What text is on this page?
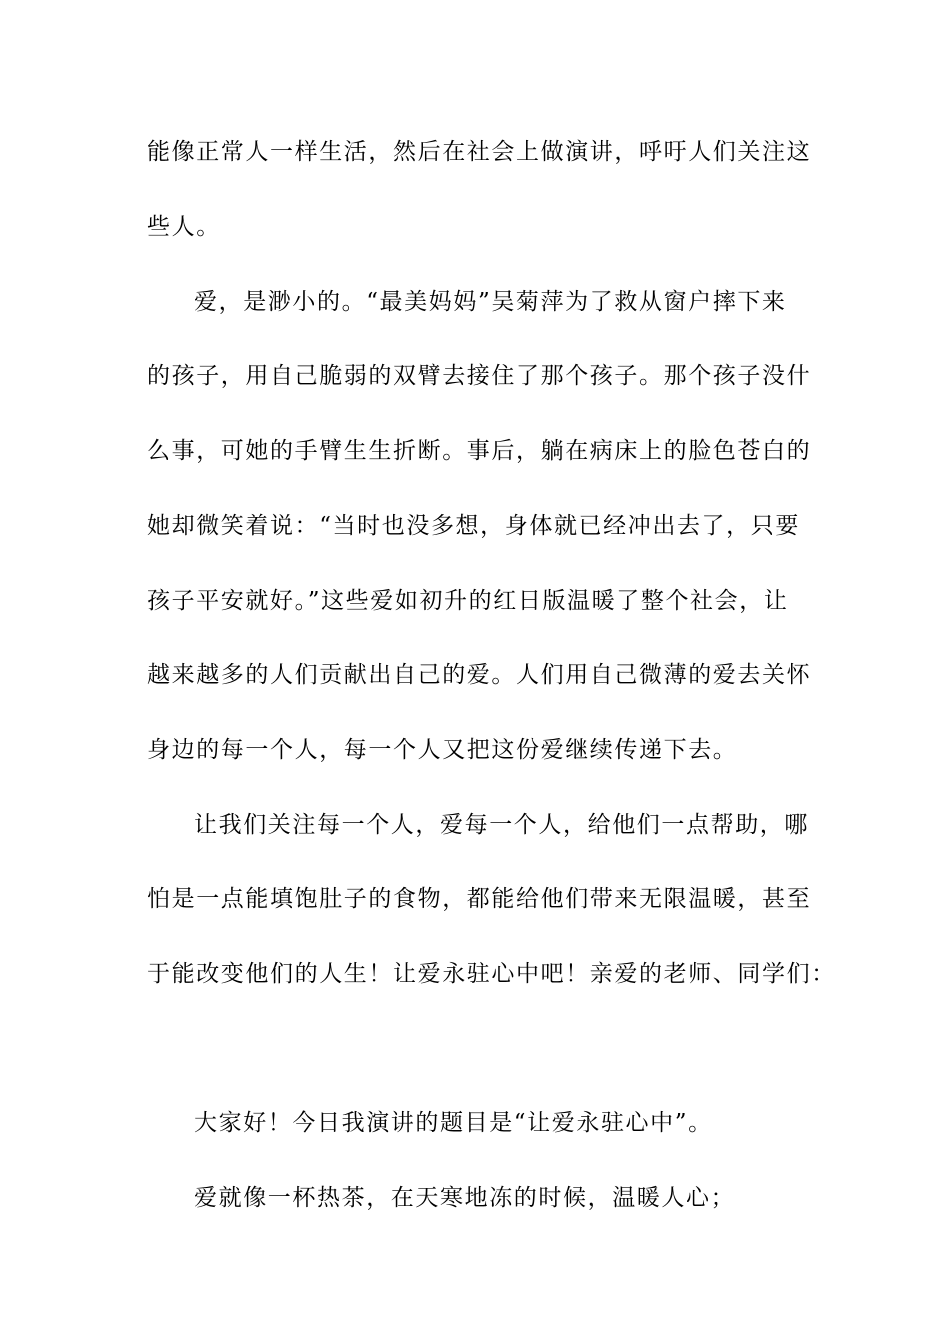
能像正常人一样生活，然后在社会上做演讲，呼吁人们关注这
些人。
爱，是渺小的。“最美妈妈”吴菊萍为了救从窗户摔下来
的孩子，用自己脆弱的双臂去接住了那个孩子。那个孩子没什
么事，可她的手臂生生折断。事后，躺在病床上的脸色苍白的
她却微笑着说：“当时也没多想，身体就已经冲出去了，只要
孩子平安就好。”这些爱如初升的红日版温暖了整个社会，让
越来越多的人们贡献出自己的爱。人们用自己微薄的爱去关怀
身边的每一个人，每一个人又把这份爱继续传递下去。
让我们关注每一个人，爱每一个人，给他们一点帮助，哪
怕是一点能填饱肚子的食物，都能给他们带来无限温暖，甚至
于能改变他们的人生！让爱永驻心中吧！亲爱的老师、同学们：
大家好！今日我演讲的题目是“让爱永驻心中”。
爱就像一杯热茶，在天寒地冻的时候，温暖人心；
